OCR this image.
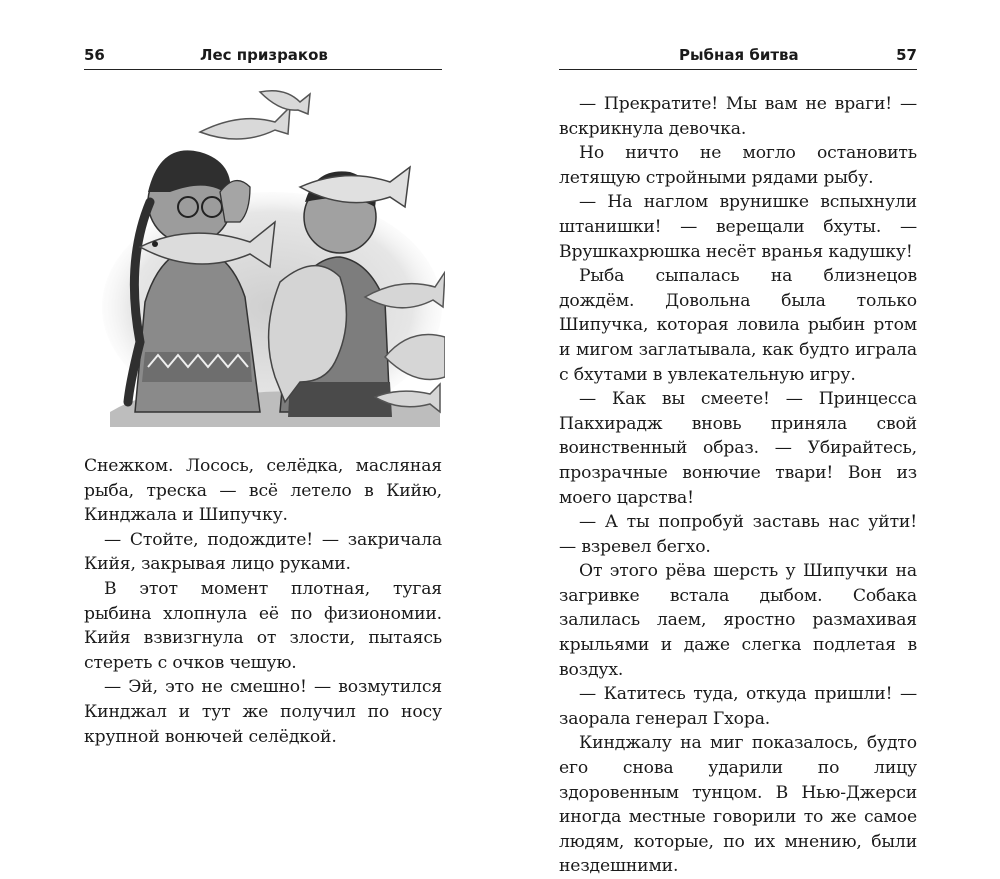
56	Лес призраков

Снежком. Лосось, селёдка, масляная рыба, треска — всё летело в Кийю, Кинджала и Шипучку.

— Стойте, подождите! — закричала Кийя, закрывая лицо руками.

В этот момент плотная, тугая рыбина хлопнула её по физиономии. Кийя взвизгнула от злости, пытаясь стереть с очков чешую.

— Эй, это не смешно! — возмутился Кинджал и тут же получил по носу крупной вонючей селёдкой.

Рыбная битва	57

— Прекратите! Мы вам не враги! — вскрикнула девочка.

Но ничто не могло остановить летящую стройными рядами рыбу.

— На наглом врунишке вспыхнули штанишки! — верещали бхуты. — Врушкахрюшка несёт вранья кадушку!

Рыба сыпалась на близнецов дождём. Довольна была только Шипучка, которая ловила рыбин ртом и мигом заглатывала, как будто играла с бхутами в увлекательную игру.

— Как вы смеете! — Принцесса Пакхирадж вновь приняла свой воинственный образ. — Убирайтесь, прозрачные вонючие твари! Вон из моего царства!

— А ты попробуй заставь нас уйти! — взревел бегхо.

От этого рёва шерсть у Шипучки на загривке встала дыбом. Собака залилась лаем, яростно размахивая крыльями и даже слегка подлетая в воздух.

— Катитесь туда, откуда пришли! — заорала генерал Гхора.

Кинджалу на миг показалось, будто его снова ударили по лицу здоровенным тунцом. В Нью-Джерси иногда местные говорили то же самое людям, которые, по их мнению, были нездешними.
